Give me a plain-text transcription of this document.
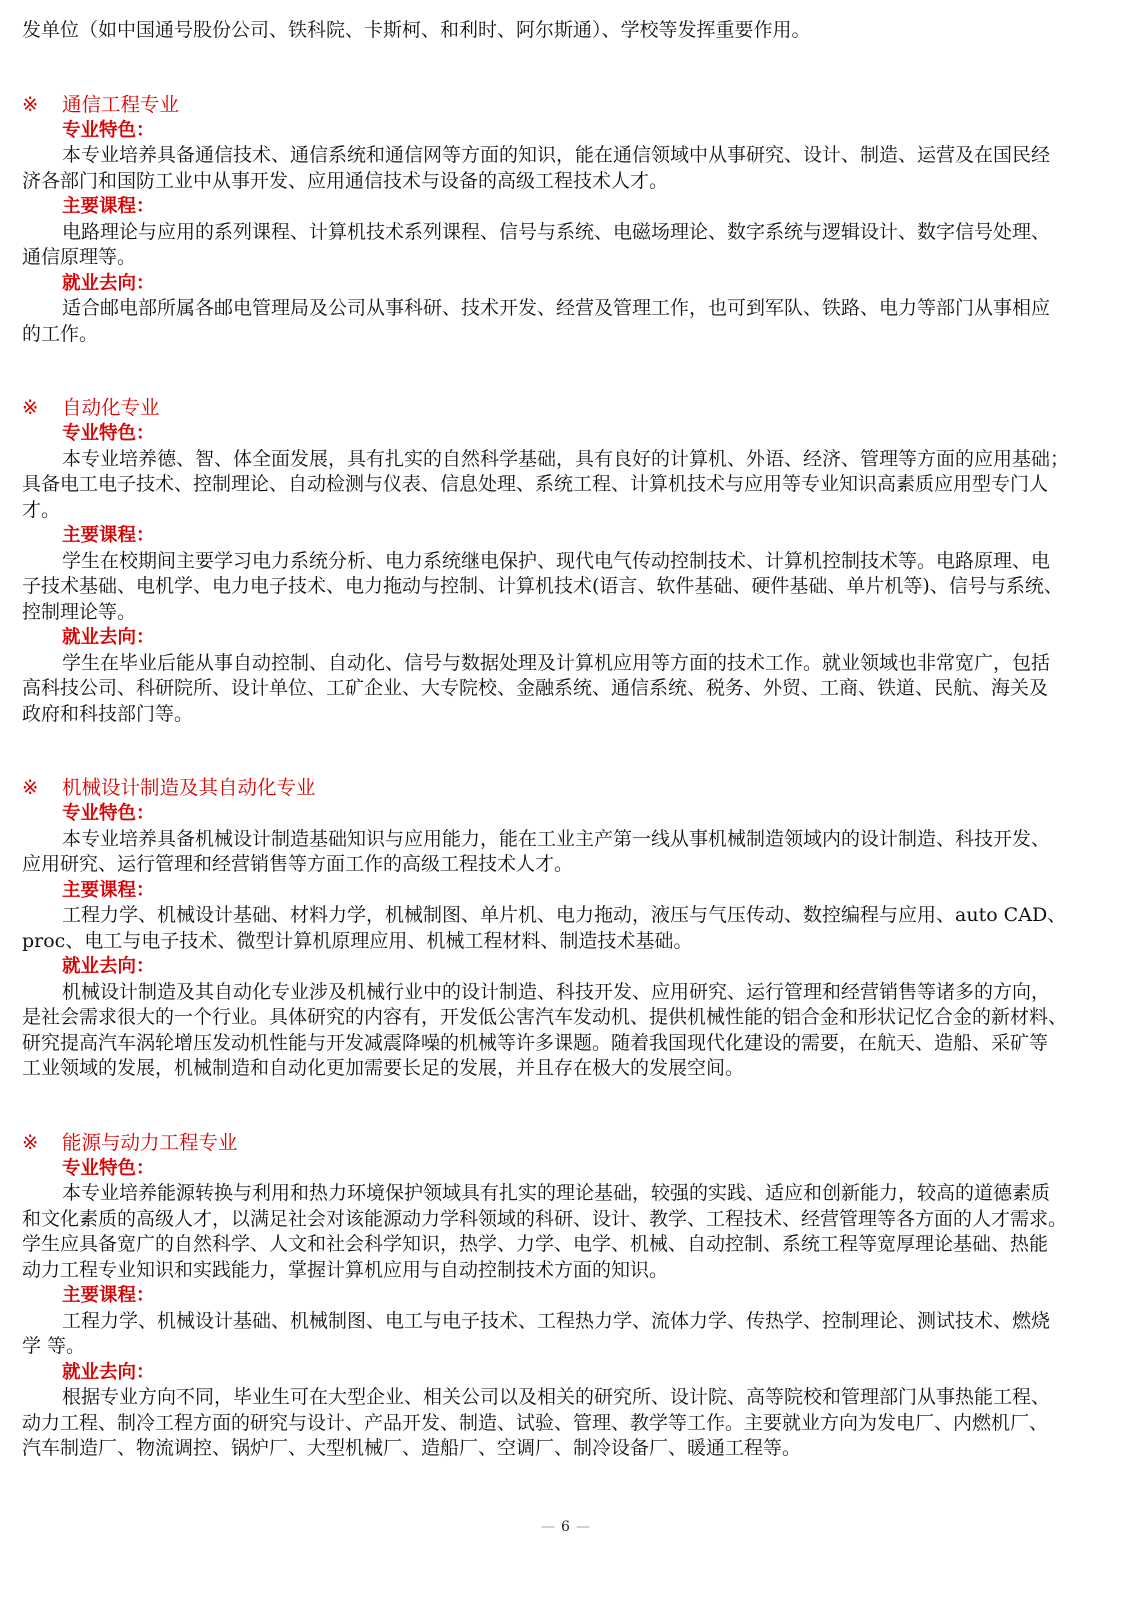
发单位（如中国通号股份公司、铁科院、卡斯柯、和利时、阿尔斯通）、学校等发挥重要作用。
※ 通信工程专业
专业特色：
本专业培养具备通信技术、通信系统和通信网等方面的知识，能在通信领域中从事研究、设计、制造、运营及在国民经
济各部门和国防工业中从事开发、应用通信技术与设备的高级工程技术人才。
主要课程：
电路理论与应用的系列课程、计算机技术系列课程、信号与系统、电磁场理论、数字系统与逻辑设计、数字信号处理、
通信原理等。
就业去向：
适合邮电部所属各邮电管理局及公司从事科研、技术开发、经营及管理工作，也可到军队、铁路、电力等部门从事相应
的工作。
※ 自动化专业
专业特色：
本专业培养德、智、体全面发展，具有扎实的自然科学基础，具有良好的计算机、外语、经济、管理等方面的应用基础；
具备电工电子技术、控制理论、自动检测与仪表、信息处理、系统工程、计算机技术与应用等专业知识高素质应用型专门人
才。
主要课程：
学生在校期间主要学习电力系统分析、电力系统继电保护、现代电气传动控制技术、计算机控制技术等。电路原理、电
子技术基础、电机学、电力电子技术、电力拖动与控制、计算机技术(语言、软件基础、硬件基础、单片机等)、信号与系统、
控制理论等。
就业去向：
学生在毕业后能从事自动控制、自动化、信号与数据处理及计算机应用等方面的技术工作。就业领域也非常宽广，包括
高科技公司、科研院所、设计单位、工矿企业、大专院校、金融系统、通信系统、税务、外贸、工商、铁道、民航、海关及
政府和科技部门等。
※ 机械设计制造及其自动化专业
专业特色：
本专业培养具备机械设计制造基础知识与应用能力，能在工业主产第一线从事机械制造领域内的设计制造、科技开发、
应用研究、运行管理和经营销售等方面工作的高级工程技术人才。
主要课程：
工程力学、机械设计基础、材料力学，机械制图、单片机、电力拖动，液压与气压传动、数控编程与应用、auto CAD、
proc、电工与电子技术、微型计算机原理应用、机械工程材料、制造技术基础。
就业去向：
机械设计制造及其自动化专业涉及机械行业中的设计制造、科技开发、应用研究、运行管理和经营销售等诸多的方向，
是社会需求很大的一个行业。具体研究的内容有，开发低公害汽车发动机、提供机械性能的铝合金和形状记忆合金的新材料、
研究提高汽车涡轮增压发动机性能与开发减震降噪的机械等许多课题。随着我国现代化建设的需要，在航天、造船、采矿等
工业领域的发展，机械制造和自动化更加需要长足的发展，并且存在极大的发展空间。
※ 能源与动力工程专业
专业特色：
本专业培养能源转换与利用和热力环境保护领域具有扎实的理论基础，较强的实践、适应和创新能力，较高的道德素质
和文化素质的高级人才，以满足社会对该能源动力学科领域的科研、设计、教学、工程技术、经营管理等各方面的人才需求。
学生应具备宽广的自然科学、人文和社会科学知识，热学、力学、电学、机械、自动控制、系统工程等宽厚理论基础、热能
动力工程专业知识和实践能力，掌握计算机应用与自动控制技术方面的知识。
主要课程：
工程力学、机械设计基础、机械制图、电工与电子技术、工程热力学、流体力学、传热学、控制理论、测试技术、燃烧
学 等。
就业去向：
根据专业方向不同，毕业生可在大型企业、相关公司以及相关的研究所、设计院、高等院校和管理部门从事热能工程、
动力工程、制冷工程方面的研究与设计、产品开发、制造、试验、管理、教学等工作。主要就业方向为发电厂、内燃机厂、
汽车制造厂、物流调控、锅炉厂、大型机械厂、造船厂、空调厂、制冷设备厂、暖通工程等。
— 6 —
